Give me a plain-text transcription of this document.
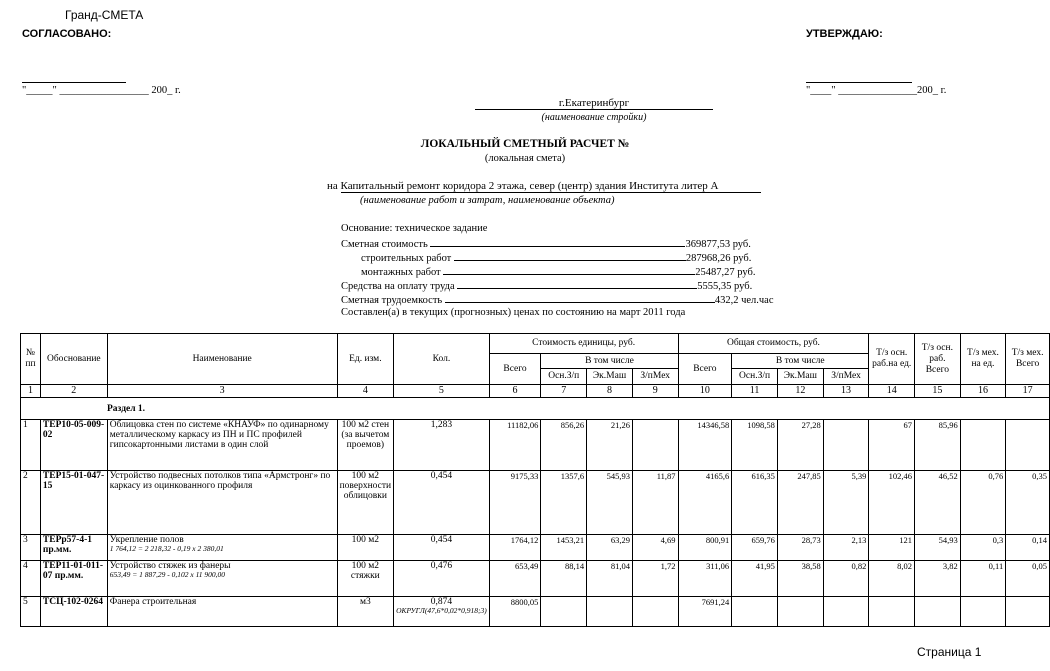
Гранд-СМЕТА
СОГЛАСОВАНО:	УТВЕРЖДАЮ:
"_____" _________________ 200_ г.	"____" _______________200_ г.
г.Екатеринбург
(наименование стройки)
ЛОКАЛЬНЫЙ СМЕТНЫЙ РАСЧЕТ №
(локальная смета)
на Капитальный ремонт коридора 2 этажа, север (центр) здания Института литер А
(наименование работ и затрат, наименование объекта)
Основание: техническое задание
Сметная стоимость	369877,53 руб.
строительных работ	287968,26 руб.
монтажных работ	25487,27 руб.
Средства на оплату труда	5555,35 руб.
Сметная трудоемкость	432,2 чел.час
Составлен(а) в текущих (прогнозных) ценах по состоянию на март 2011 года
№ пп	Обоснование	Наименование	Ед. изм.	Кол.	Стоимость единицы, руб.				Общая стоимость, руб.				Т/з осн. раб.на ед.	Т/з осн. раб. Всего	Т/з мех. на ед.	Т/з мех. Всего
					Всего	В том числе			Всего	В том числе						
						Осн.З/п	Эк.Маш	З/пМех		Осн.З/п	Эк.Маш	З/пМех				
1	2	3	4	5	6	7	8	9	10	11	12	13	14	15	16	17
Раздел 1.																
1	ТЕР10-05-009-02	Облицовка стен по системе «КНАУФ» по одинарному металлическому каркасу из ПН и ПС профилей гипсокартонными листами в один слой	100 м2 стен (за вычетом проемов)	1,283	11182,06	856,26	21,26		14346,58	1098,58	27,28		67	85,96		
2	ТЕР15-01-047-15	Устройство подвесных потолков типа «Армстронг» по каркасу из оцинкованного профиля	100 м2 поверхности облицовки	0,454	9175,33	1357,6	545,93	11,87	4165,6	616,35	247,85	5,39	102,46	46,52	0,76	0,35
3	ТЕРр57-4-1 пр.мм.	Укрепление полов
1 764,12 = 2 218,32 - 0,19 x 2 380,01	100 м2	0,454	1764,12	1453,21	63,29	4,69	800,91	659,76	28,73	2,13	121	54,93	0,3	0,14
4	ТЕР11-01-011-07 пр.мм.	Устройство стяжек из фанеры
653,49 = 1 887,29 - 0,102 x 11 900,00	100 м2 стяжки	0,476	653,49	88,14	81,04	1,72	311,06	41,95	38,58	0,82	8,02	3,82	0,11	0,05
5	ТСЦ-102-0264	Фанера строительная	м3	0,874
ОКРУГЛ(47,6*0,02*0,918;3)	8800,05				7691,24							
Страница 1
